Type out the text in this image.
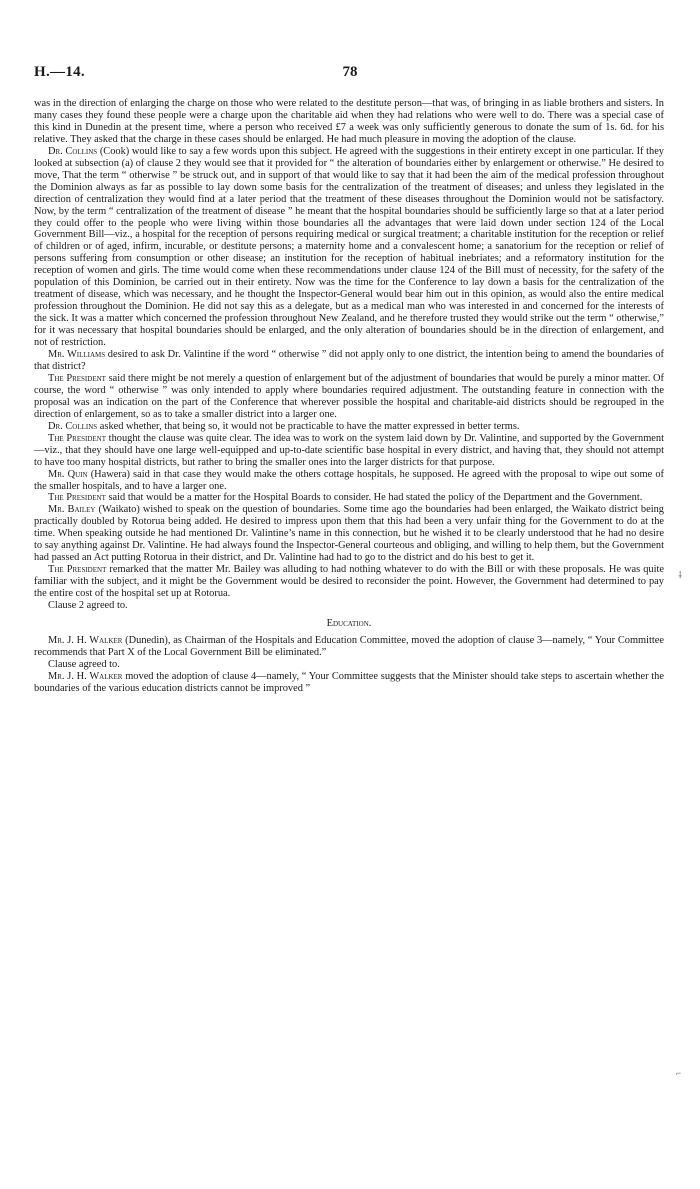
H.—14.	78

was in the direction of enlarging the charge on those who were related to the destitute person—that was, of bringing in as liable brothers and sisters. In many cases they found these people were a charge upon the charitable aid when they had relations who were well to do. There was a special case of this kind in Dunedin at the present time, where a person who received £7 a week was only sufficiently generous to donate the sum of 1s. 6d. for his relative. They asked that the charge in these cases should be enlarged. He had much pleasure in moving the adoption of the clause.

Dr. Collins (Cook) would like to say a few words upon this subject. He agreed with the suggestions in their entirety except in one particular. If they looked at subsection (a) of clause 2 they would see that it provided for “ the alteration of boundaries either by enlargement or otherwise.” He desired to move, That the term “ otherwise ” be struck out, and in support of that would like to say that it had been the aim of the medical profession throughout the Dominion always as far as possible to lay down some basis for the centralization of the treatment of diseases; and unless they legislated in the direction of centralization they would find at a later period that the treatment of these diseases throughout the Dominion would not be satisfactory. Now, by the term “ centralization of the treatment of disease ” he meant that the hospital boundaries should be sufficiently large so that at a later period they could offer to the people who were living within those boundaries all the advantages that were laid down under section 124 of the Local Government Bill—viz., a hospital for the reception of persons requiring medical or surgical treatment; a charitable institution for the reception or relief of children or of aged, infirm, incurable, or destitute persons; a maternity home and a convalescent home; a sanatorium for the reception or relief of persons suffering from consumption or other disease; an institution for the reception of habitual inebriates; and a reformatory institution for the reception of women and girls. The time would come when these recommendations under clause 124 of the Bill must of necessity, for the safety of the population of this Dominion, be carried out in their entirety. Now was the time for the Conference to lay down a basis for the centralization of the treatment of disease, which was necessary, and he thought the Inspector-General would bear him out in this opinion, as would also the entire medical profession throughout the Dominion. He did not say this as a delegate, but as a medical man who was interested in and concerned for the interests of the sick. It was a matter which concerned the profession throughout New Zealand, and he therefore trusted they would strike out the term “ otherwise,” for it was necessary that hospital boundaries should be enlarged, and the only alteration of boundaries should be in the direction of enlargement, and not of restriction.

Mr. Williams desired to ask Dr. Valintine if the word “ otherwise ” did not apply only to one district, the intention being to amend the boundaries of that district?

The President said there might be not merely a question of enlargement but of the adjustment of boundaries that would be purely a minor matter. Of course, the word “ otherwise ” was only intended to apply where boundaries required adjustment. The outstanding feature in connection with the proposal was an indication on the part of the Conference that wherever possible the hospital and charitable-aid districts should be regrouped in the direction of enlargement, so as to take a smaller district into a larger one.

Dr. Collins asked whether, that being so, it would not be practicable to have the matter expressed in better terms.

The President thought the clause was quite clear. The idea was to work on the system laid down by Dr. Valintine, and supported by the Government—viz., that they should have one large well-equipped and up-to-date scientific base hospital in every district, and having that, they should not attempt to have too many hospital districts, but rather to bring the smaller ones into the larger districts for that purpose.

Mr. Quin (Hawera) said in that case they would make the others cottage hospitals, he supposed. He agreed with the proposal to wipe out some of the smaller hospitals, and to have a larger one.

The President said that would be a matter for the Hospital Boards to consider. He had stated the policy of the Department and the Government.

Mr. Bailey (Waikato) wished to speak on the question of boundaries. Some time ago the boundaries had been enlarged, the Waikato district being practically doubled by Rotorua being added. He desired to impress upon them that this had been a very unfair thing for the Government to do at the time. When speaking outside he had mentioned Dr. Valintine’s name in this connection, but he wished it to be clearly understood that he had no desire to say anything against Dr. Valintine. He had always found the Inspector-General courteous and obliging, and willing to help them, but the Government had passed an Act putting Rotorua in their district, and Dr. Valintine had had to go to the district and do his best to get it.

The President remarked that the matter Mr. Bailey was alluding to had nothing whatever to do with the Bill or with these proposals. He was quite familiar with the subject, and it might be the Government would be desired to reconsider the point. However, the Government had determined to pay the entire cost of the hospital set up at Rotorua.

Clause 2 agreed to.

Education.

Mr. J. H. Walker (Dunedin), as Chairman of the Hospitals and Education Committee, moved the adoption of clause 3—namely, “ Your Committee recommends that Part X of the Local Government Bill be eliminated.”

Clause agreed to.

Mr. J. H. Walker moved the adoption of clause 4—namely, “ Your Committee suggests that the Minister should take steps to ascertain whether the boundaries of the various education districts cannot be improved ”

⸸
⌐
